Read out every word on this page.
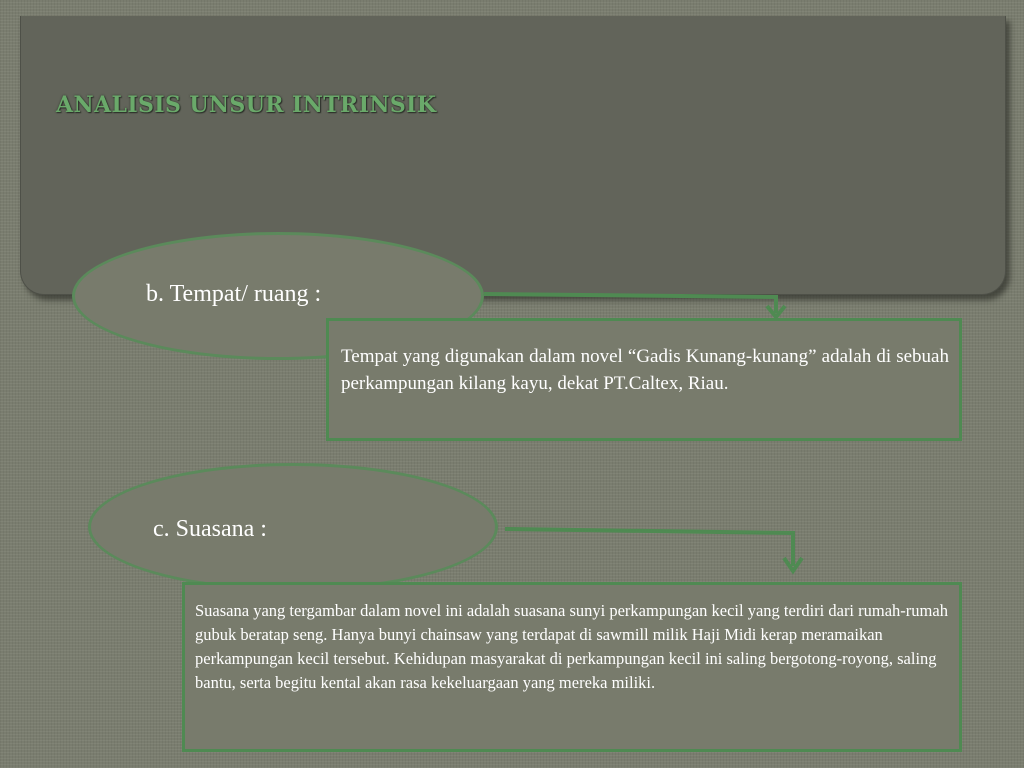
ANALISIS UNSUR INTRINSIK

b. Tempat/ ruang :

Tempat yang digunakan dalam novel “Gadis Kunang-kunang” adalah di sebuah perkampungan kilang kayu, dekat PT.Caltex, Riau.

c. Suasana :

Suasana yang tergambar dalam novel ini adalah suasana sunyi perkampungan kecil yang terdiri dari rumah-rumah gubuk beratap seng. Hanya bunyi chainsaw yang terdapat di sawmill milik Haji Midi kerap meramaikan perkampungan kecil tersebut. Kehidupan masyarakat di perkampungan kecil ini saling bergotong-royong, saling bantu, serta begitu kental akan rasa kekeluargaan yang mereka miliki.
